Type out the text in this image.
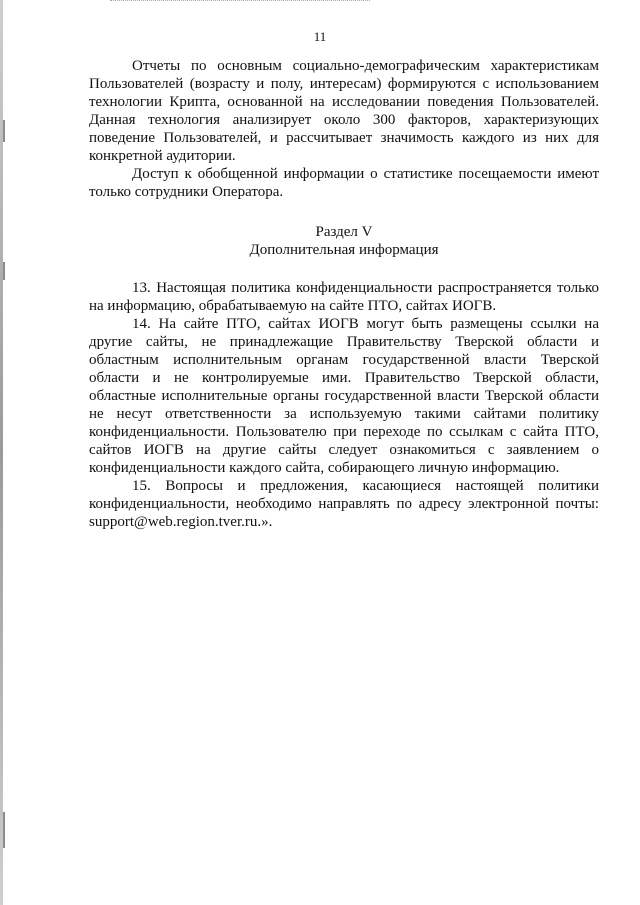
11

Отчеты по основным социально-демографическим характеристикам Пользователей (возрасту и полу, интересам) формируются с использованием технологии Крипта, основанной на исследовании поведения Пользователей. Данная технология анализирует около 300 факторов, характеризующих поведение Пользователей, и рассчитывает значимость каждого из них для конкретной аудитории.

Доступ к обобщенной информации о статистике посещаемости имеют только сотрудники Оператора.

Раздел V
Дополнительная информация

13. Настоящая политика конфиденциальности распространяется только на информацию, обрабатываемую на сайте ПТО, сайтах ИОГВ.

14. На сайте ПТО, сайтах ИОГВ могут быть размещены ссылки на другие сайты, не принадлежащие Правительству Тверской области и областным исполнительным органам государственной власти Тверской области и не контролируемые ими. Правительство Тверской области, областные исполнительные органы государственной власти Тверской области не несут ответственности за используемую такими сайтами политику конфиденциальности. Пользователю при переходе по ссылкам с сайта ПТО, сайтов ИОГВ на другие сайты следует ознакомиться с заявлением о конфиденциальности каждого сайта, собирающего личную информацию.

15. Вопросы и предложения, касающиеся настоящей политики конфиденциальности, необходимо направлять по адресу электронной почты: support@web.region.tver.ru.».
